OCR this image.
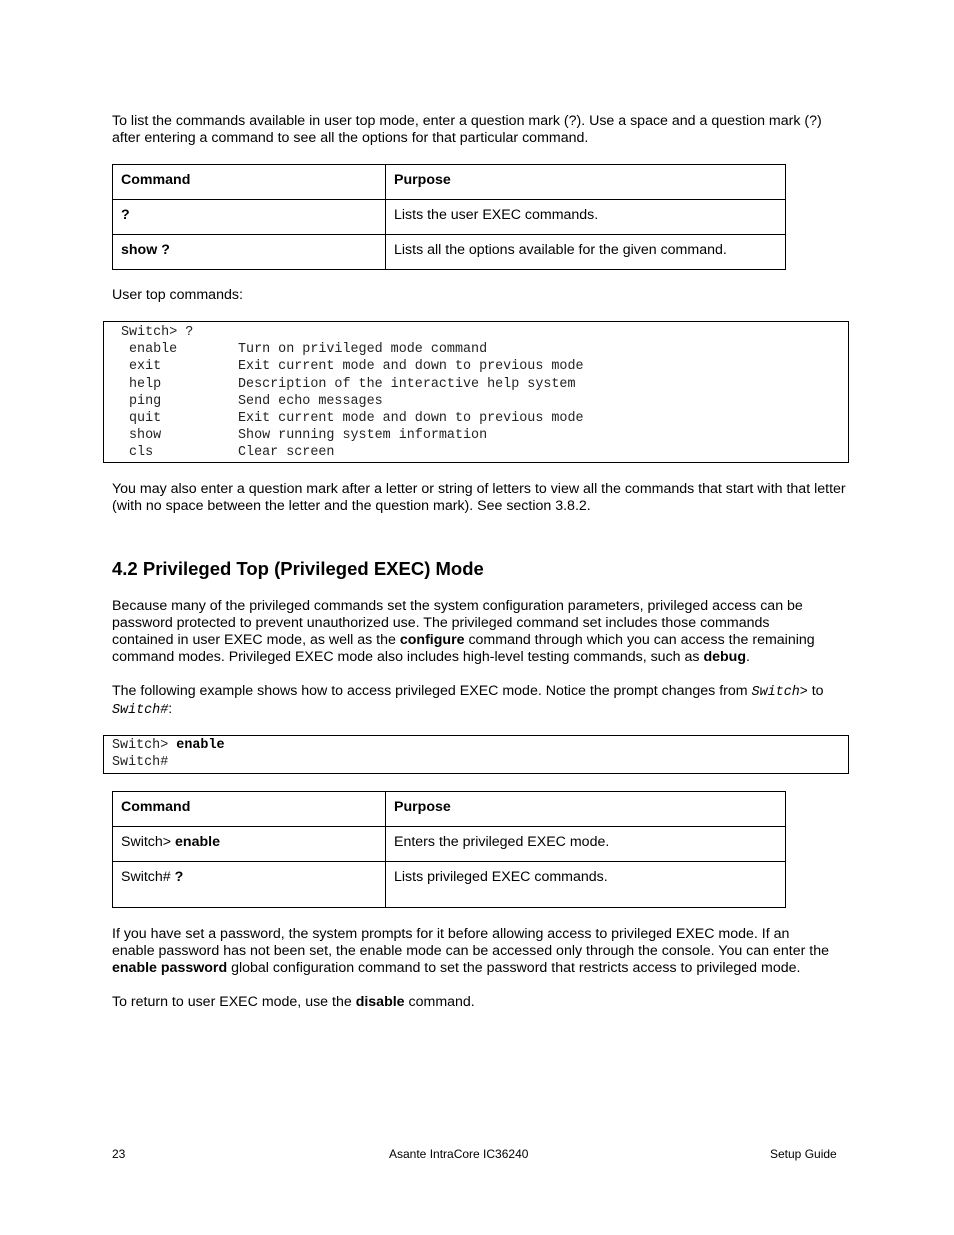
To list the commands available in user top mode, enter a question mark (?). Use a space and a question mark (?) after entering a command to see all the options for that particular command.

Command	Purpose
?	Lists the user EXEC commands.
show ?	Lists all the options available for the given command.

User top commands:

Switch> ?
enable	Turn on privileged mode command
exit	Exit current mode and down to previous mode
help	Description of the interactive help system
ping	Send echo messages
quit	Exit current mode and down to previous mode
show	Show running system information
cls	Clear screen

You may also enter a question mark after a letter or string of letters to view all the commands that start with that letter (with no space between the letter and the question mark). See section 3.8.2.

4.2 Privileged Top (Privileged EXEC) Mode

Because many of the privileged commands set the system configuration parameters, privileged access can be password protected to prevent unauthorized use. The privileged command set includes those commands contained in user EXEC mode, as well as the configure command through which you can access the remaining command modes. Privileged EXEC mode also includes high-level testing commands, such as debug.

The following example shows how to access privileged EXEC mode. Notice the prompt changes from Switch> to Switch#:

Switch> enable
Switch#
Command	Purpose
Switch> enable	Enters the privileged EXEC mode.
Switch# ?	Lists privileged EXEC commands.

If you have set a password, the system prompts for it before allowing access to privileged EXEC mode. If an enable password has not been set, the enable mode can be accessed only through the console. You can enter the enable password global configuration command to set the password that restricts access to privileged mode.

To return to user EXEC mode, use the disable command.

23	Asante IntraCore IC36240	Setup Guide
